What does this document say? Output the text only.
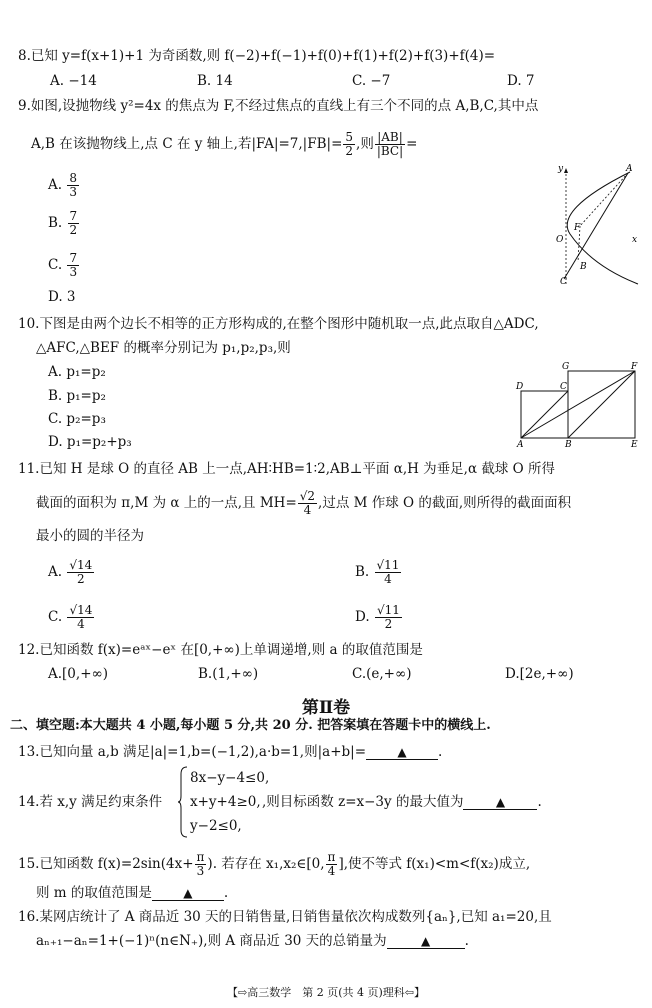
8.已知 y=f(x+1)+1 为奇函数,则 f(−2)+f(−1)+f(0)+f(1)+f(2)+f(3)+f(4)=
A. −14	B. 14	C. −7	D. 7
9.如图,设抛物线 y²=4x 的焦点为 F,不经过焦点的直线上有三个不同的点 A,B,C,其中点
A,B 在该抛物线上,点 C 在 y 轴上,若$|FA|=7,|FB|= \frac{5}{2}$ ,则 $\frac{|AB|}{|BC|}$ =
A. $\frac{8}{3}$
B. $\frac{7}{2}$
C. $\frac{7}{3}$
D. 3
y	A
F
O	x
B
C
10.下图是由两个边长不相等的正方形构成的,在整个图形中随机取一点,此点取自△ADC,
△AFC,△BEF 的概率分别记为 p₁,p₂,p₃,则
A. p₁=p₂
B. p₁=p₂
C. p₂=p₃
D. p₁=p₂+p₃
G	F
D	C
A	B	E
11.已知 H 是球 O 的直径 AB 上一点,AH∶HB=1∶2,AB⊥平面 α,H 为垂足,α 截球 O 所得
截面的面积为 π,M 为 α 上的一点,且 $MH= \frac{√2}{4}$ ,过点 M 作球 O 的截面,则所得的截面面积
最小的圆的半径为
A. $\frac{√14}{2}$	B. $\frac{√11}{4}$
C. $\frac{√14}{4}$	D. $\frac{√11}{2}$
12.已知函数 f(x)=eᵃˣ−eˣ 在[0,+∞)上单调递增,则 a 的取值范围是
A.[0,+∞)	B.(1,+∞)	C.(e,+∞)	D.[2e,+∞)
第Ⅱ卷
二、填空题:本大题共 4 小题,每小题 5 分,共 20 分. 把答案填在答题卡中的横线上.
13.已知向量 a,b 满足|a|=1,b=(−1,2),a·b=1,则|a+b|=	▲ .
14.若 x,y 满足约束条件
8x−y−4≤0,
x+y+4≥0,
y−2≤0,
,则目标函数 z=x−3y 的最大值为	▲ .
15.已知函数 $f(x)=2\sin(4x+ \frac{\pi}{3}$ ). 若存在 x₁,x₂∈[0, $\frac{\pi}{4}$ ],使不等式 f(x₁)<m<f(x₂)成立,
则 m 的取值范围是	▲ .
16.某网店统计了 A 商品近 30 天的日销售量,日销售量依次构成数列{aₙ},已知 a₁=20,且
aₙ₊₁−aₙ=1+(−1)ⁿ(n∈N₊),则 A 商品近 30 天的总销量为	▲	.
【⇨高三数学　第 2 页(共 4 页)理科⇦】
